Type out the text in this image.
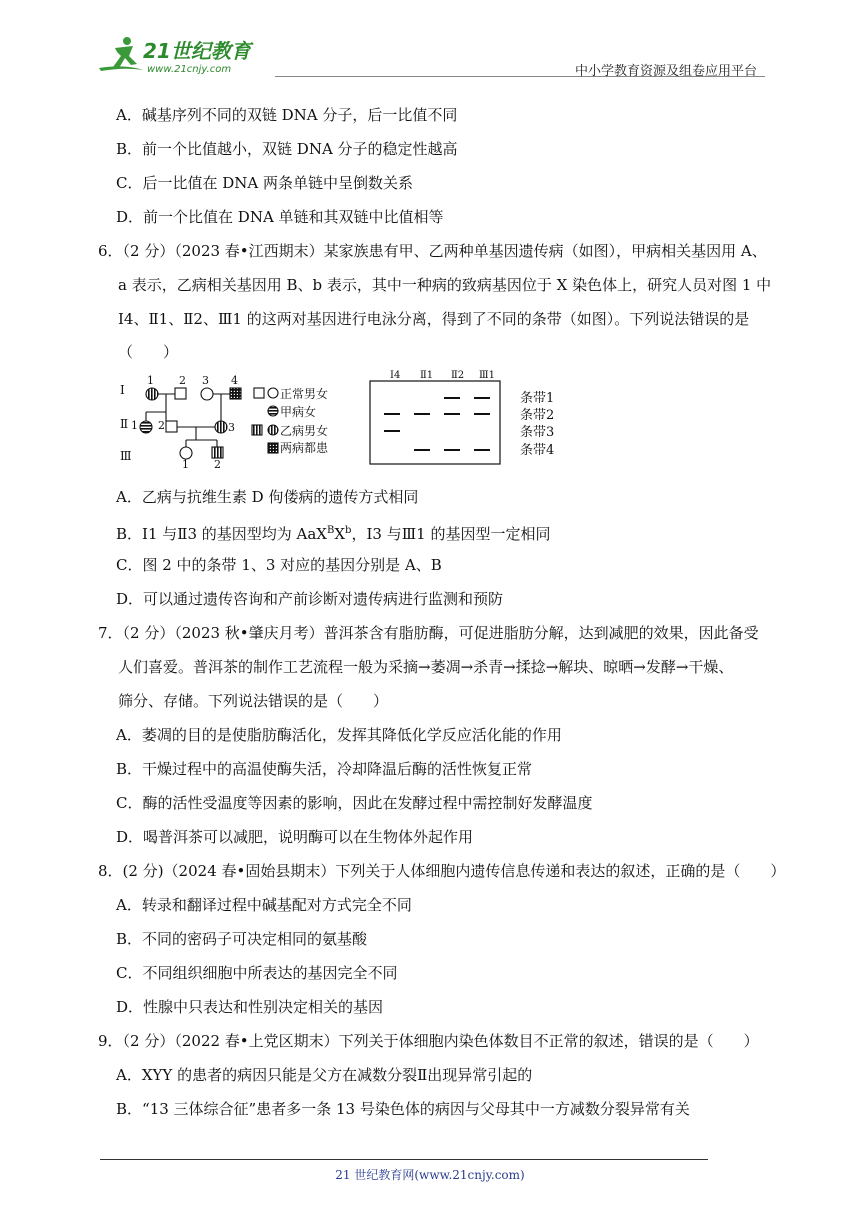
21世纪教育
www.21cnjy.com	中小学教育资源及组卷应用平台
A．碱基序列不同的双链 DNA 分子，后一比值不同
B．前一个比值越小，双链 DNA 分子的稳定性越高
C．后一比值在 DNA 两条单链中呈倒数关系
D．前一个比值在 DNA 单链和其双链中比值相等
6．（2 分）（2023 春•江西期末）某家族患有甲、乙两种单基因遗传病（如图），甲病相关基因用 A、
a 表示，乙病相关基因用 B、b 表示，其中一种病的致病基因位于 X 染色体上，研究人员对图 1 中
Ⅰ4、Ⅱ1、Ⅱ2、Ⅲ1 的这两对基因进行电泳分离，得到了不同的条带（如图）。下列说法错误的是
（　　）
Ⅰ
Ⅱ
Ⅲ
1 2 3 4
1 2	3
1 2
正常男女
甲病女
乙病男女
两病都患
Ⅰ4 Ⅱ1 Ⅱ2 Ⅲ1
条带1
条带2
条带3
条带4
A．乙病与抗维生素 D 佝偻病的遗传方式相同
B．Ⅰ1 与Ⅱ3 的基因型均为 $AaX^BX^b$，Ⅰ3 与Ⅲ1 的基因型一定相同
C．图 2 中的条带 1、3 对应的基因分别是 A、B
D．可以通过遗传咨询和产前诊断对遗传病进行监测和预防
7．（2 分）（2023 秋•肇庆月考）普洱茶含有脂肪酶，可促进脂肪分解，达到减肥的效果，因此备受
人们喜爱。普洱茶的制作工艺流程一般为采摘→萎凋→杀青→揉捻→解块、晾晒→发酵→干燥、
筛分、存储。下列说法错误的是（　　）
A．萎凋的目的是使脂肪酶活化，发挥其降低化学反应活化能的作用
B．干燥过程中的高温使酶失活，冷却降温后酶的活性恢复正常
C．酶的活性受温度等因素的影响，因此在发酵过程中需控制好发酵温度
D．喝普洱茶可以减肥，说明酶可以在生物体外起作用
8．(2 分)（2024 春•固始县期末）下列关于人体细胞内遗传信息传递和表达的叙述，正确的是（　　）
A．转录和翻译过程中碱基配对方式完全不同
B．不同的密码子可决定相同的氨基酸
C．不同组织细胞中所表达的基因完全不同
D．性腺中只表达和性别决定相关的基因
9．（2 分）（2022 春•上党区期末）下列关于体细胞内染色体数目不正常的叙述，错误的是（　　）
A．XYY 的患者的病因只能是父方在减数分裂Ⅱ出现异常引起的
B．“13 三体综合征”患者多一条 13 号染色体的病因与父母其中一方减数分裂异常有关
21 世纪教育网(www.21cnjy.com)
